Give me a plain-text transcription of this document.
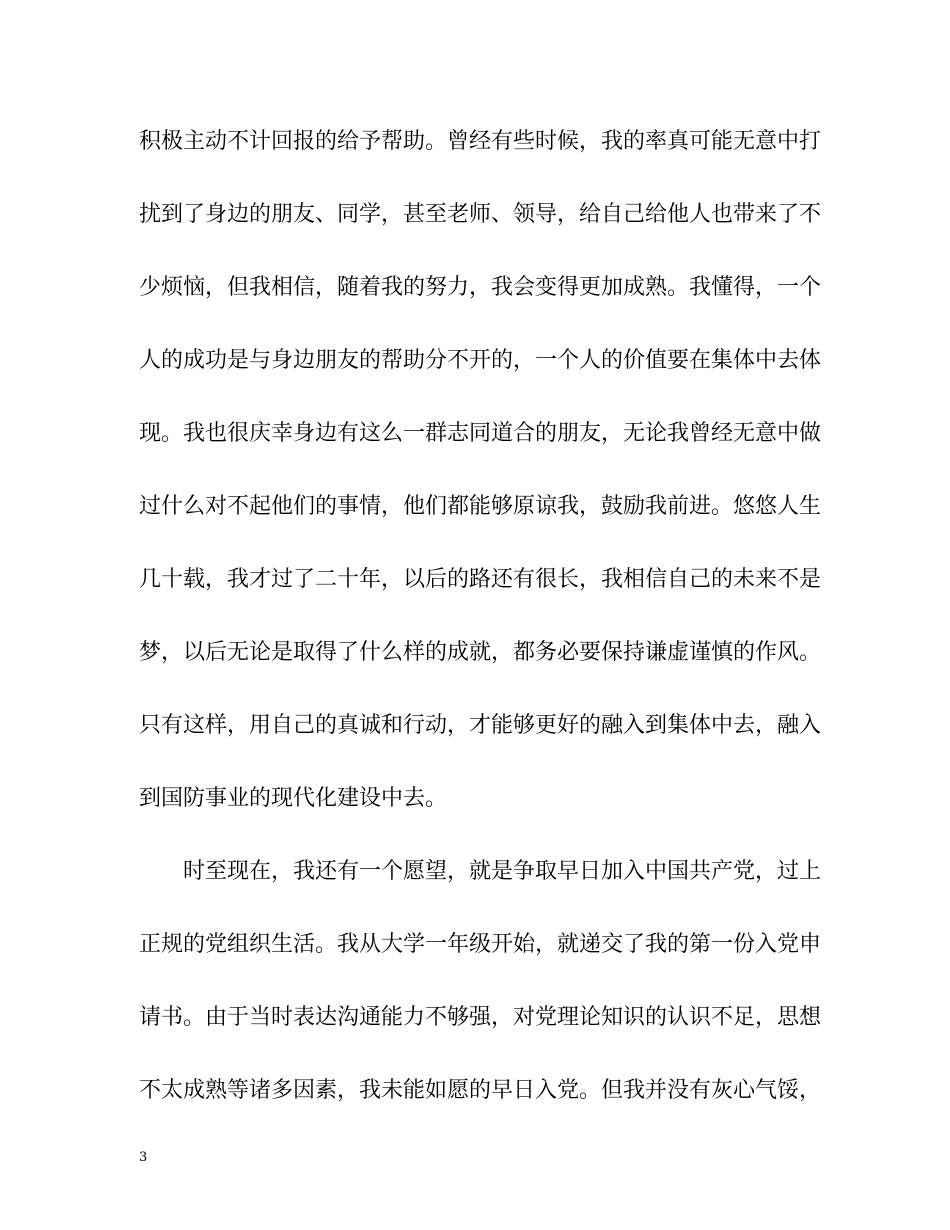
积极主动不计回报的给予帮助。曾经有些时候，我的率真可能无意中打
扰到了身边的朋友、同学，甚至老师、领导，给自己给他人也带来了不
少烦恼，但我相信，随着我的努力，我会变得更加成熟。我懂得，一个
人的成功是与身边朋友的帮助分不开的，一个人的价值要在集体中去体
现。我也很庆幸身边有这么一群志同道合的朋友，无论我曾经无意中做
过什么对不起他们的事情，他们都能够原谅我，鼓励我前进。悠悠人生
几十载，我才过了二十年，以后的路还有很长，我相信自己的未来不是
梦，以后无论是取得了什么样的成就，都务必要保持谦虚谨慎的作风。
只有这样，用自己的真诚和行动，才能够更好的融入到集体中去，融入
到国防事业的现代化建设中去。
时至现在，我还有一个愿望，就是争取早日加入中国共产党，过上
正规的党组织生活。我从大学一年级开始，就递交了我的第一份入党申
请书。由于当时表达沟通能力不够强，对党理论知识的认识不足，思想
不太成熟等诸多因素，我未能如愿的早日入党。但我并没有灰心气馁，
3
